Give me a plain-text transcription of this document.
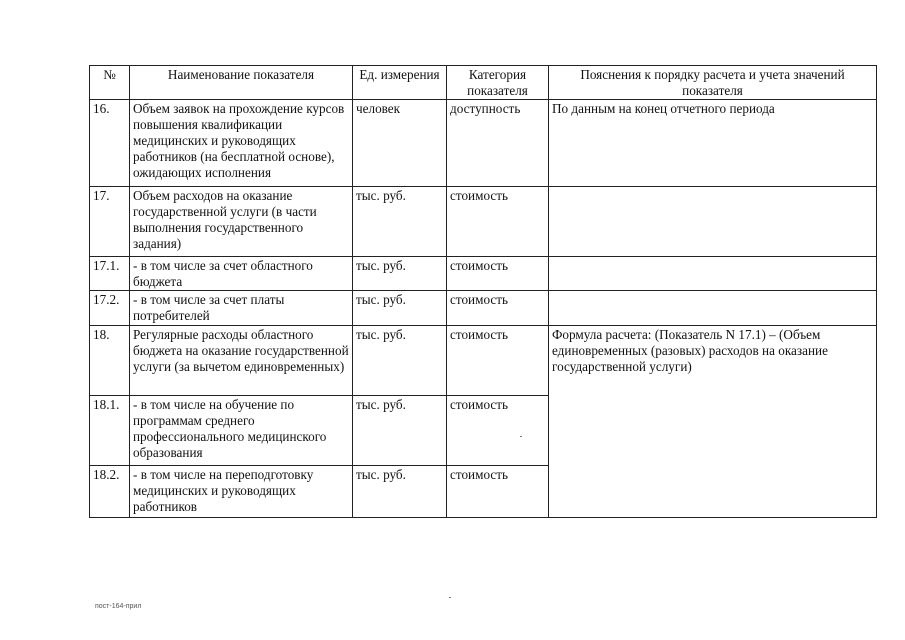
№	Наименование показателя	Ед. измерения	Категория показателя	Пояснения к порядку расчета и учета значений показателя
16.	Объем заявок на прохождение курсов повышения квалификации медицинских и руководящих работников (на бесплатной основе), ожидающих исполнения	человек	доступность	По данным на конец отчетного периода
17.	Объем расходов на оказание государственной услуги (в части выполнения государственного задания)	тыс. руб.	стоимость	
17.1.	- в том числе за счет областного бюджета	тыс. руб.	стоимость	
17.2.	- в том числе за счет платы потребителей	тыс. руб.	стоимость	
18.	Регулярные расходы областного бюджета на оказание государственной услуги (за вычетом единовременных)	тыс. руб.	стоимость	Формула расчета: (Показатель N 17.1) – (Объем единовременных (разовых) расходов на оказание государственной услуги)
18.1.	- в том числе на обучение по программам среднего профессионального медицинского образования	тыс. руб.	стоимость	
18.2.	- в том числе на переподготовку медицинских и руководящих работников	тыс. руб.	стоимость	
пост-164-прил
